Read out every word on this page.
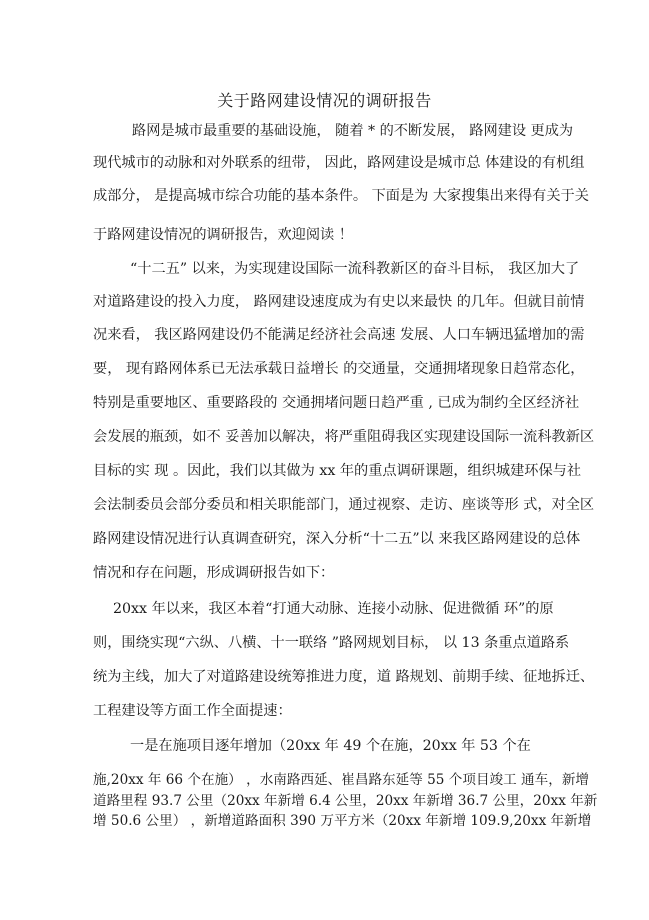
关于路网建设情况的调研报告
路网是城市最重要的基础设施， 随着 * 的不断发展， 路网建设 更成为
现代城市的动脉和对外联系的纽带， 因此，路网建设是城市总 体建设的有机组
成部分， 是提高城市综合功能的基本条件。 下面是为 大家搜集出来得有关于关
于路网建设情况的调研报告，欢迎阅读 ！
“十二五” 以来，为实现建设国际一流科教新区的奋斗目标， 我区加大了
对道路建设的投入力度， 路网建设速度成为有史以来最快 的几年。但就目前情
况来看， 我区路网建设仍不能满足经济社会高速 发展、人口车辆迅猛增加的需
要， 现有路网体系已无法承载日益增长 的交通量，交通拥堵现象日趋常态化，
特别是重要地区、重要路段的 交通拥堵问题日趋严重 , 已成为制约全区经济社
会发展的瓶颈，如不 妥善加以解决，将严重阻碍我区实现建设国际一流科教新区
目标的实 现 。因此，我们以其做为 xx 年的重点调研课题，组织城建环保与社
会法制委员会部分委员和相关职能部门，通过视察、走访、座谈等形 式，对全区
路网建设情况进行认真调查研究，深入分析“十二五”以 来我区路网建设的总体
情况和存在问题，形成调研报告如下：
20xx 年以来，我区本着“打通大动脉、连接小动脉、促进微循 环”的原
则，围绕实现“六纵、八横、十一联络 ”路网规划目标， 以 13 条重点道路系
统为主线，加大了对道路建设统筹推进力度，道 路规划、前期手续、征地拆迁、
工程建设等方面工作全面提速：
一是在施项目逐年增加（20xx 年 49 个在施，20xx 年 53 个在
施,20xx 年 66 个在施） ，水南路西延、崔昌路东延等 55 个项目竣工 通车，新增
道路里程 93.7 公里（20xx 年新增 6.4 公里，20xx 年新增 36.7 公里，20xx 年新
增 50.6 公里） ，新增道路面积 390 万平方米（20xx 年新增 109.9,20xx 年新增
